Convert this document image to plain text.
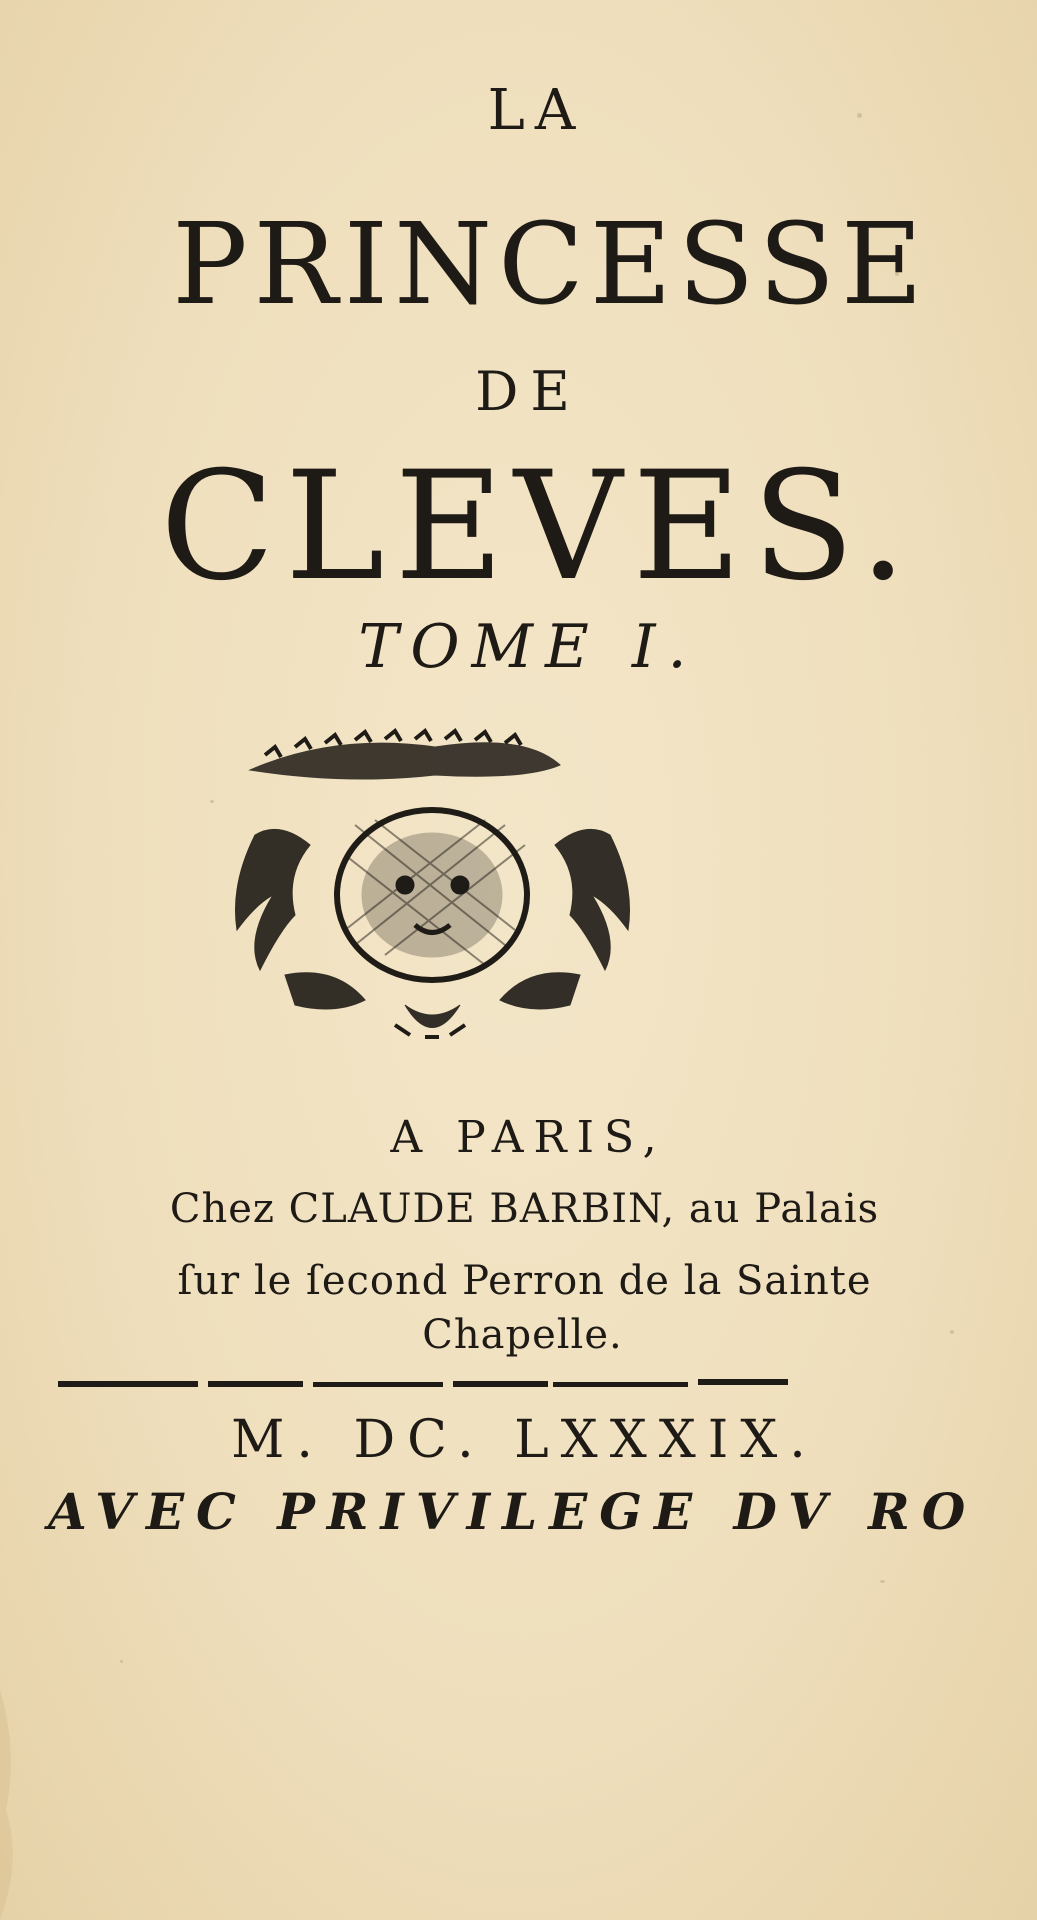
LA
PRINCESSE
DE
CLEVES.
TOME I.
A PARIS,
Chez CLAUDE BARBIN, au Palais
ſur le ſecond Perron de la Sainte
Chapelle.
M. DC. LXXXIX.
AVEC PRIVILEGE DV RO
